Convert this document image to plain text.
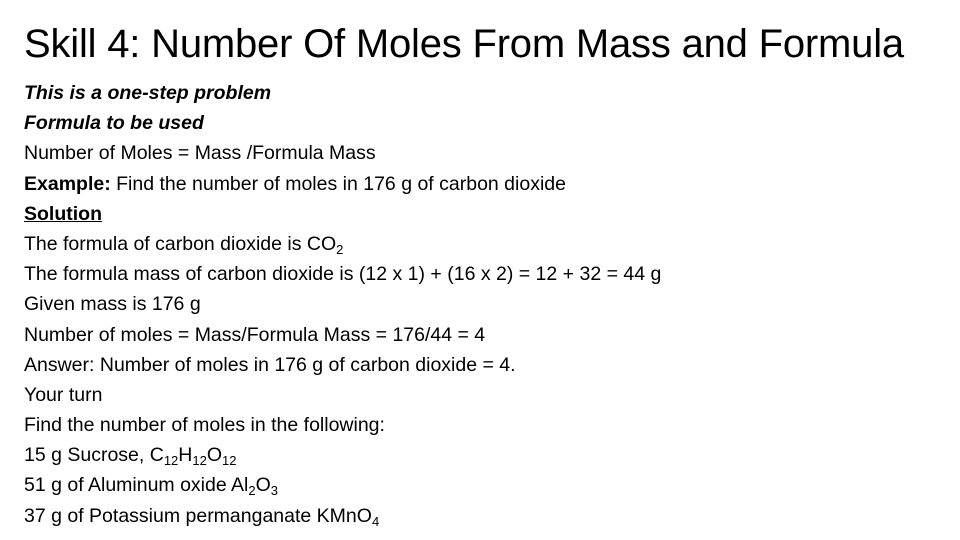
Skill 4: Number Of Moles From Mass and Formula
This is a one-step problem
Formula to be used
Number of Moles = Mass /Formula Mass
Example: Find the number of moles in 176 g of carbon dioxide
Solution
The formula of carbon dioxide is $CO_2$
The formula mass of carbon dioxide is (12 x 1) + (16 x 2) = 12 + 32 = 44 g
Given mass is 176 g
Number of moles = Mass/Formula Mass = 176/44 = 4
Answer: Number of moles in 176 g of carbon dioxide = 4.
Your turn
Find the number of moles in the following:
15 g Sucrose, $C_{12}H_{12}O_{12}$
51 g of Aluminum oxide $Al_2O_3$
37 g of Potassium permanganate KMnO$_4$
